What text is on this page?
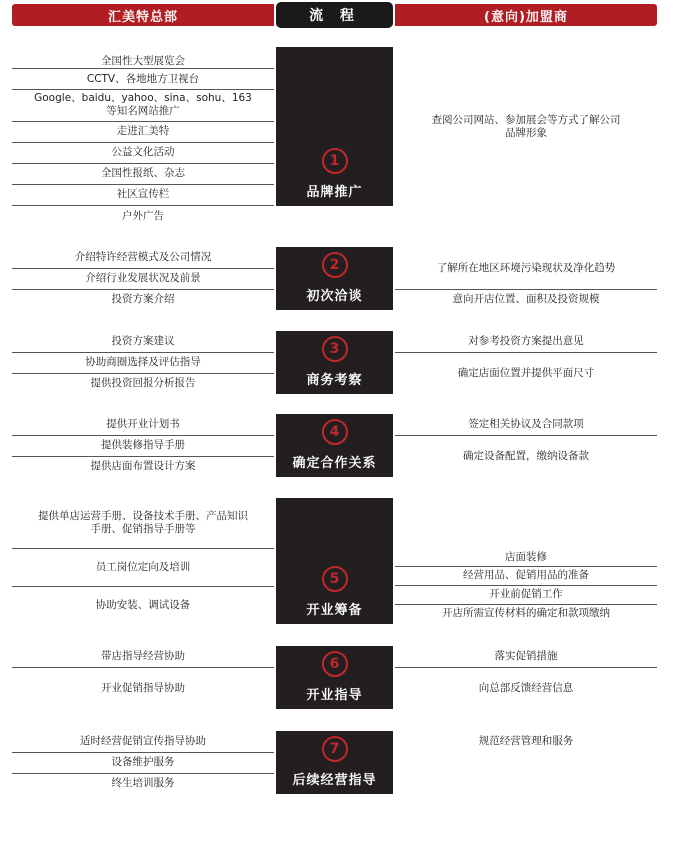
汇美特总部	流 程	(意向)加盟商
1
品牌推广
全国性大型展览会
CCTV、各地地方卫视台
Google、baidu、yahoo、sina、sohu、163
等知名网站推广
走进汇美特
公益文化活动
全国性报纸、杂志
社区宣传栏
户外广告
查阅公司网站、参加展会等方式了解公司
品牌形象
2
初次洽谈
介绍特许经营模式及公司情况
介绍行业发展状况及前景
投资方案介绍
了解所在地区环境污染现状及净化趋势
意向开店位置、面积及投资规模
3
商务考察
投资方案建议
协助商圈选择及评估指导
提供投资回报分析报告
对参考投资方案提出意见
确定店面位置并提供平面尺寸
4
确定合作关系
提供开业计划书
提供装修指导手册
提供店面布置设计方案
签定相关协议及合同款项
确定设备配置，缴纳设备款
5
开业筹备
提供单店运营手册、设备技术手册、产品知识
手册、促销指导手册等
员工岗位定向及培训
协助安装、调试设备
店面装修
经营用品、促销用品的准备
开业前促销工作
开店所需宣传材料的确定和款项缴纳
6
开业指导
带店指导经营协助
开业促销指导协助
落实促销措施
向总部反馈经营信息
7
后续经营指导
适时经营促销宣传指导协助
设备维护服务
终生培训服务
规范经营管理和服务
